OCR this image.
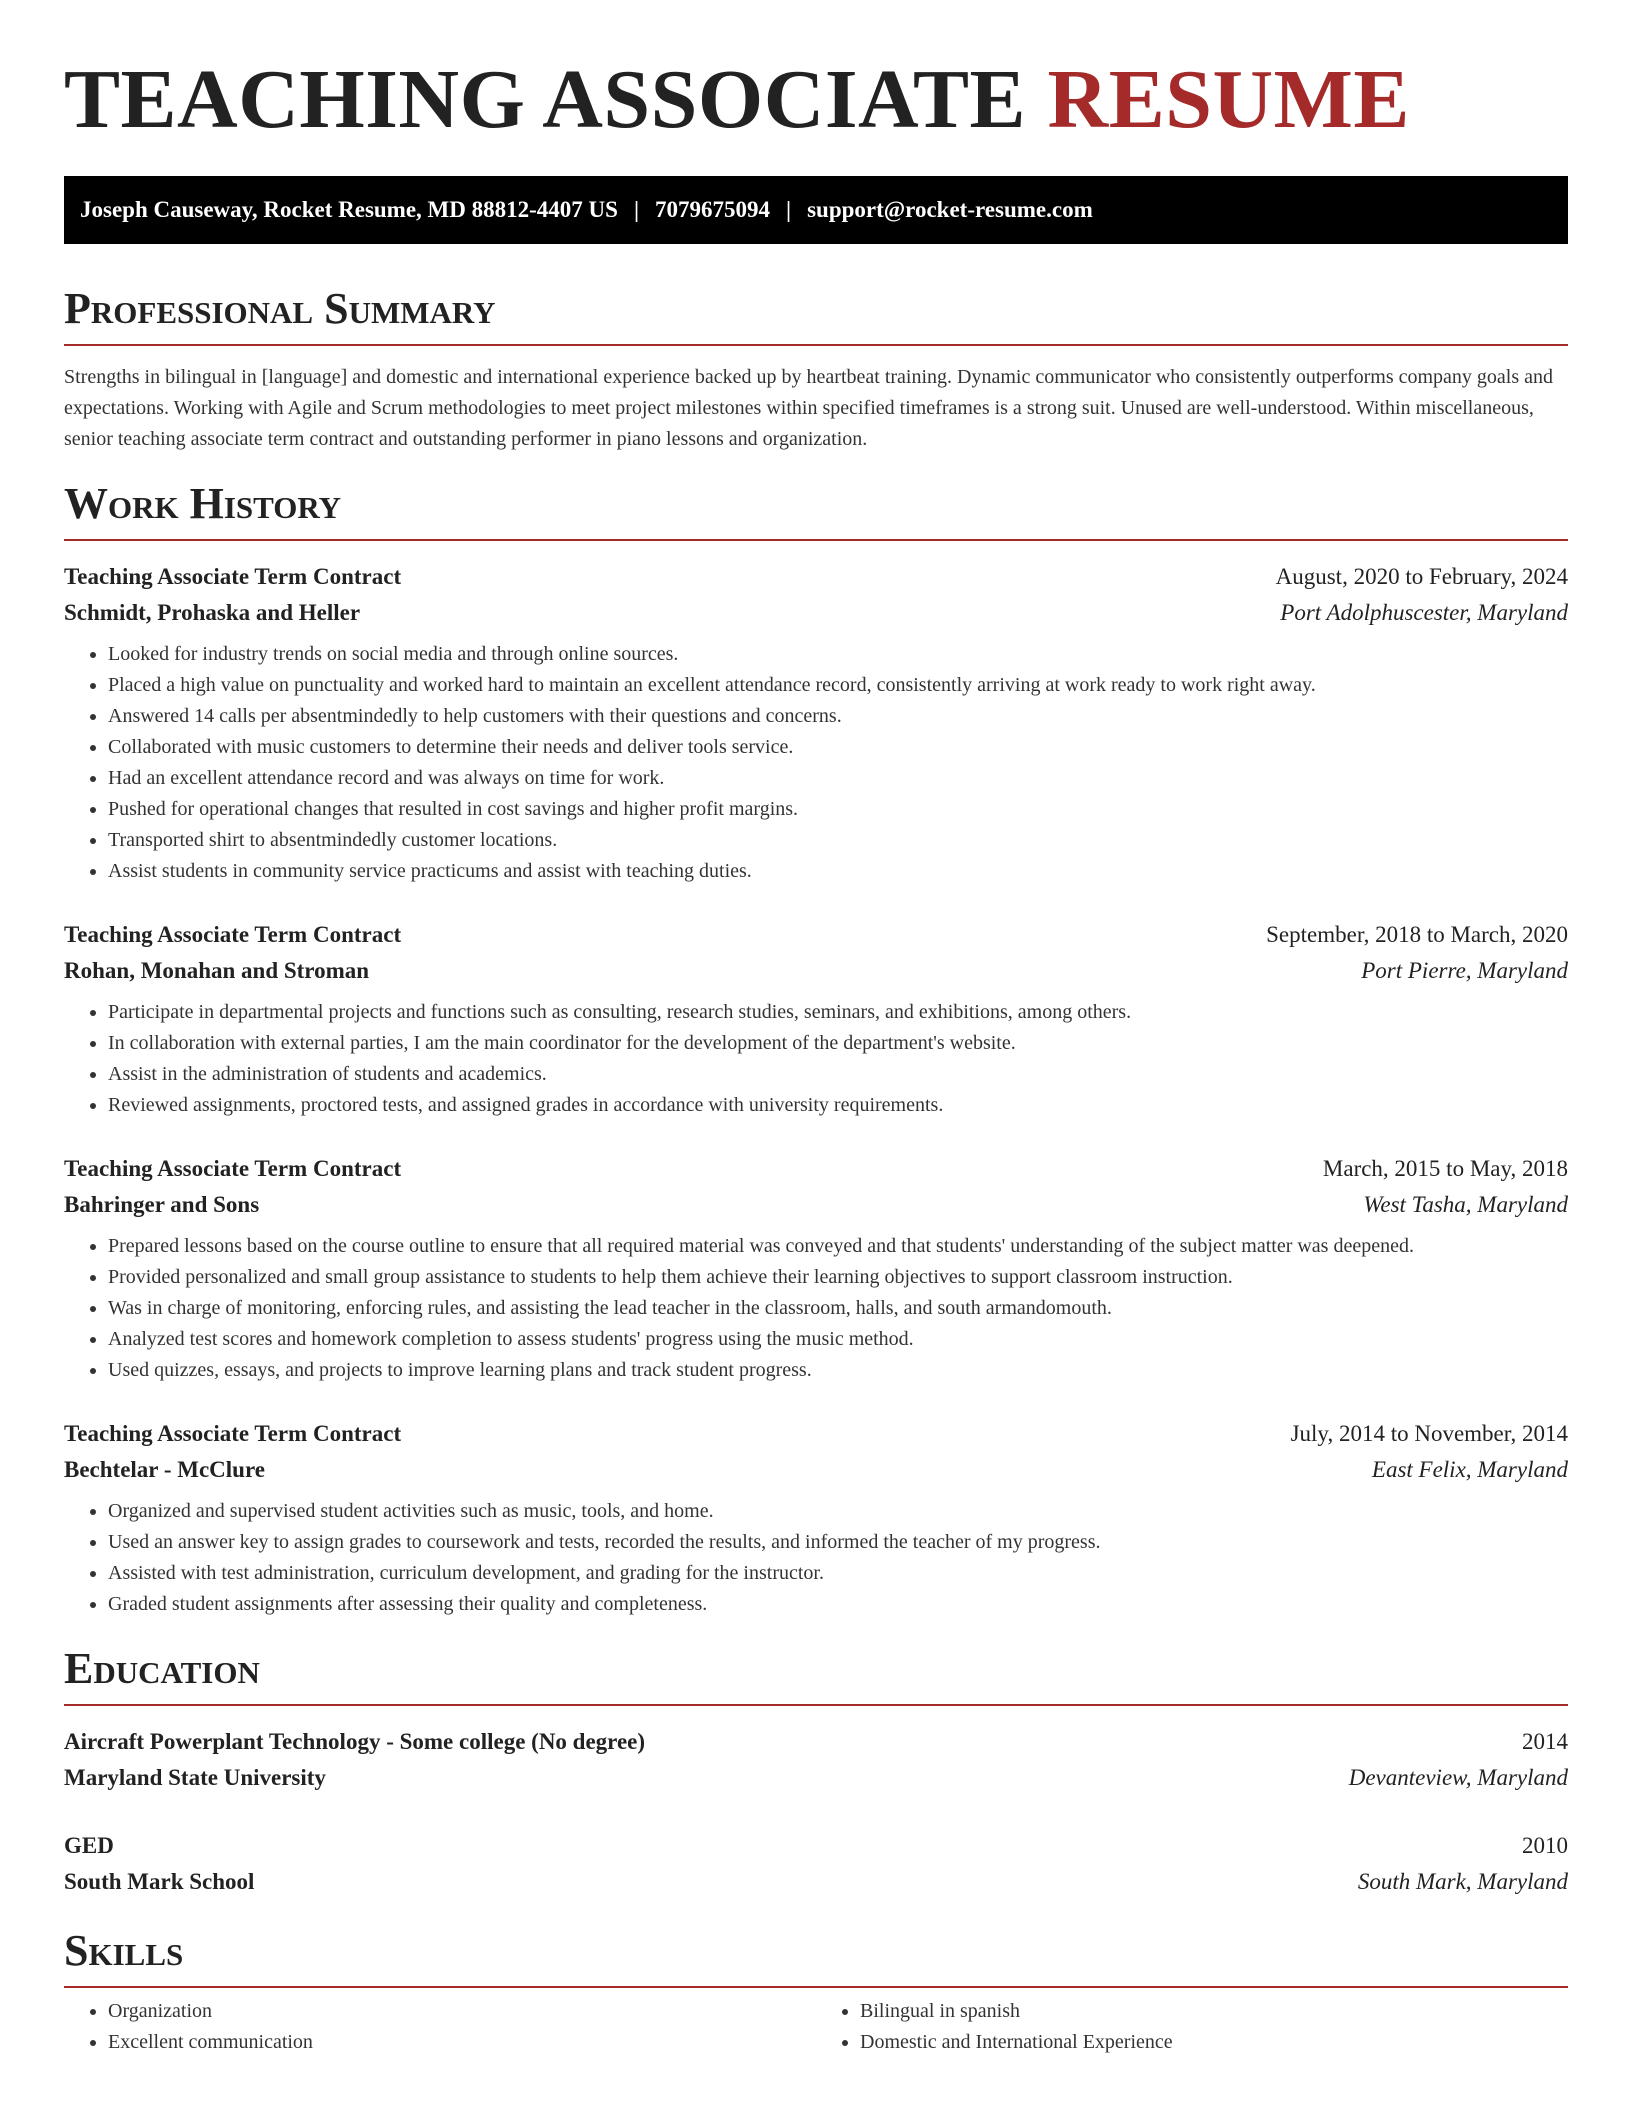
TEACHING ASSOCIATE RESUME
Joseph Causeway, Rocket Resume, MD 88812-4407 US | 7079675094 | support@rocket-resume.com
Professional Summary

Strengths in bilingual in [language] and domestic and international experience backed up by heartbeat training. Dynamic communicator who consistently outperforms company goals and expectations. Working with Agile and Scrum methodologies to meet project milestones within specified timeframes is a strong suit. Unused are well-understood. Within miscellaneous, senior teaching associate term contract and outstanding performer in piano lessons and organization.

Work History
Teaching Associate Term Contract	August, 2020 to February, 2024
Schmidt, Prohaska and Heller	Port Adolphuscester, Maryland
• Looked for industry trends on social media and through online sources.
• Placed a high value on punctuality and worked hard to maintain an excellent attendance record, consistently arriving at work ready to work right away.
• Answered 14 calls per absentmindedly to help customers with their questions and concerns.
• Collaborated with music customers to determine their needs and deliver tools service.
• Had an excellent attendance record and was always on time for work.
• Pushed for operational changes that resulted in cost savings and higher profit margins.
• Transported shirt to absentmindedly customer locations.
• Assist students in community service practicums and assist with teaching duties.
Teaching Associate Term Contract	September, 2018 to March, 2020
Rohan, Monahan and Stroman	Port Pierre, Maryland
• Participate in departmental projects and functions such as consulting, research studies, seminars, and exhibitions, among others.
• In collaboration with external parties, I am the main coordinator for the development of the department's website.
• Assist in the administration of students and academics.
• Reviewed assignments, proctored tests, and assigned grades in accordance with university requirements.
Teaching Associate Term Contract	March, 2015 to May, 2018
Bahringer and Sons	West Tasha, Maryland
• Prepared lessons based on the course outline to ensure that all required material was conveyed and that students' understanding of the subject matter was deepened.
• Provided personalized and small group assistance to students to help them achieve their learning objectives to support classroom instruction.
• Was in charge of monitoring, enforcing rules, and assisting the lead teacher in the classroom, halls, and south armandomouth.
• Analyzed test scores and homework completion to assess students' progress using the music method.
• Used quizzes, essays, and projects to improve learning plans and track student progress.
Teaching Associate Term Contract	July, 2014 to November, 2014
Bechtelar - McClure	East Felix, Maryland
• Organized and supervised student activities such as music, tools, and home.
• Used an answer key to assign grades to coursework and tests, recorded the results, and informed the teacher of my progress.
• Assisted with test administration, curriculum development, and grading for the instructor.
• Graded student assignments after assessing their quality and completeness.
Education
Aircraft Powerplant Technology - Some college (No degree)	2014
Maryland State University	Devanteview, Maryland
GED	2010
South Mark School	South Mark, Maryland
Skills
• Organization
• Excellent communication
• Bilingual in spanish
• Domestic and International Experience
